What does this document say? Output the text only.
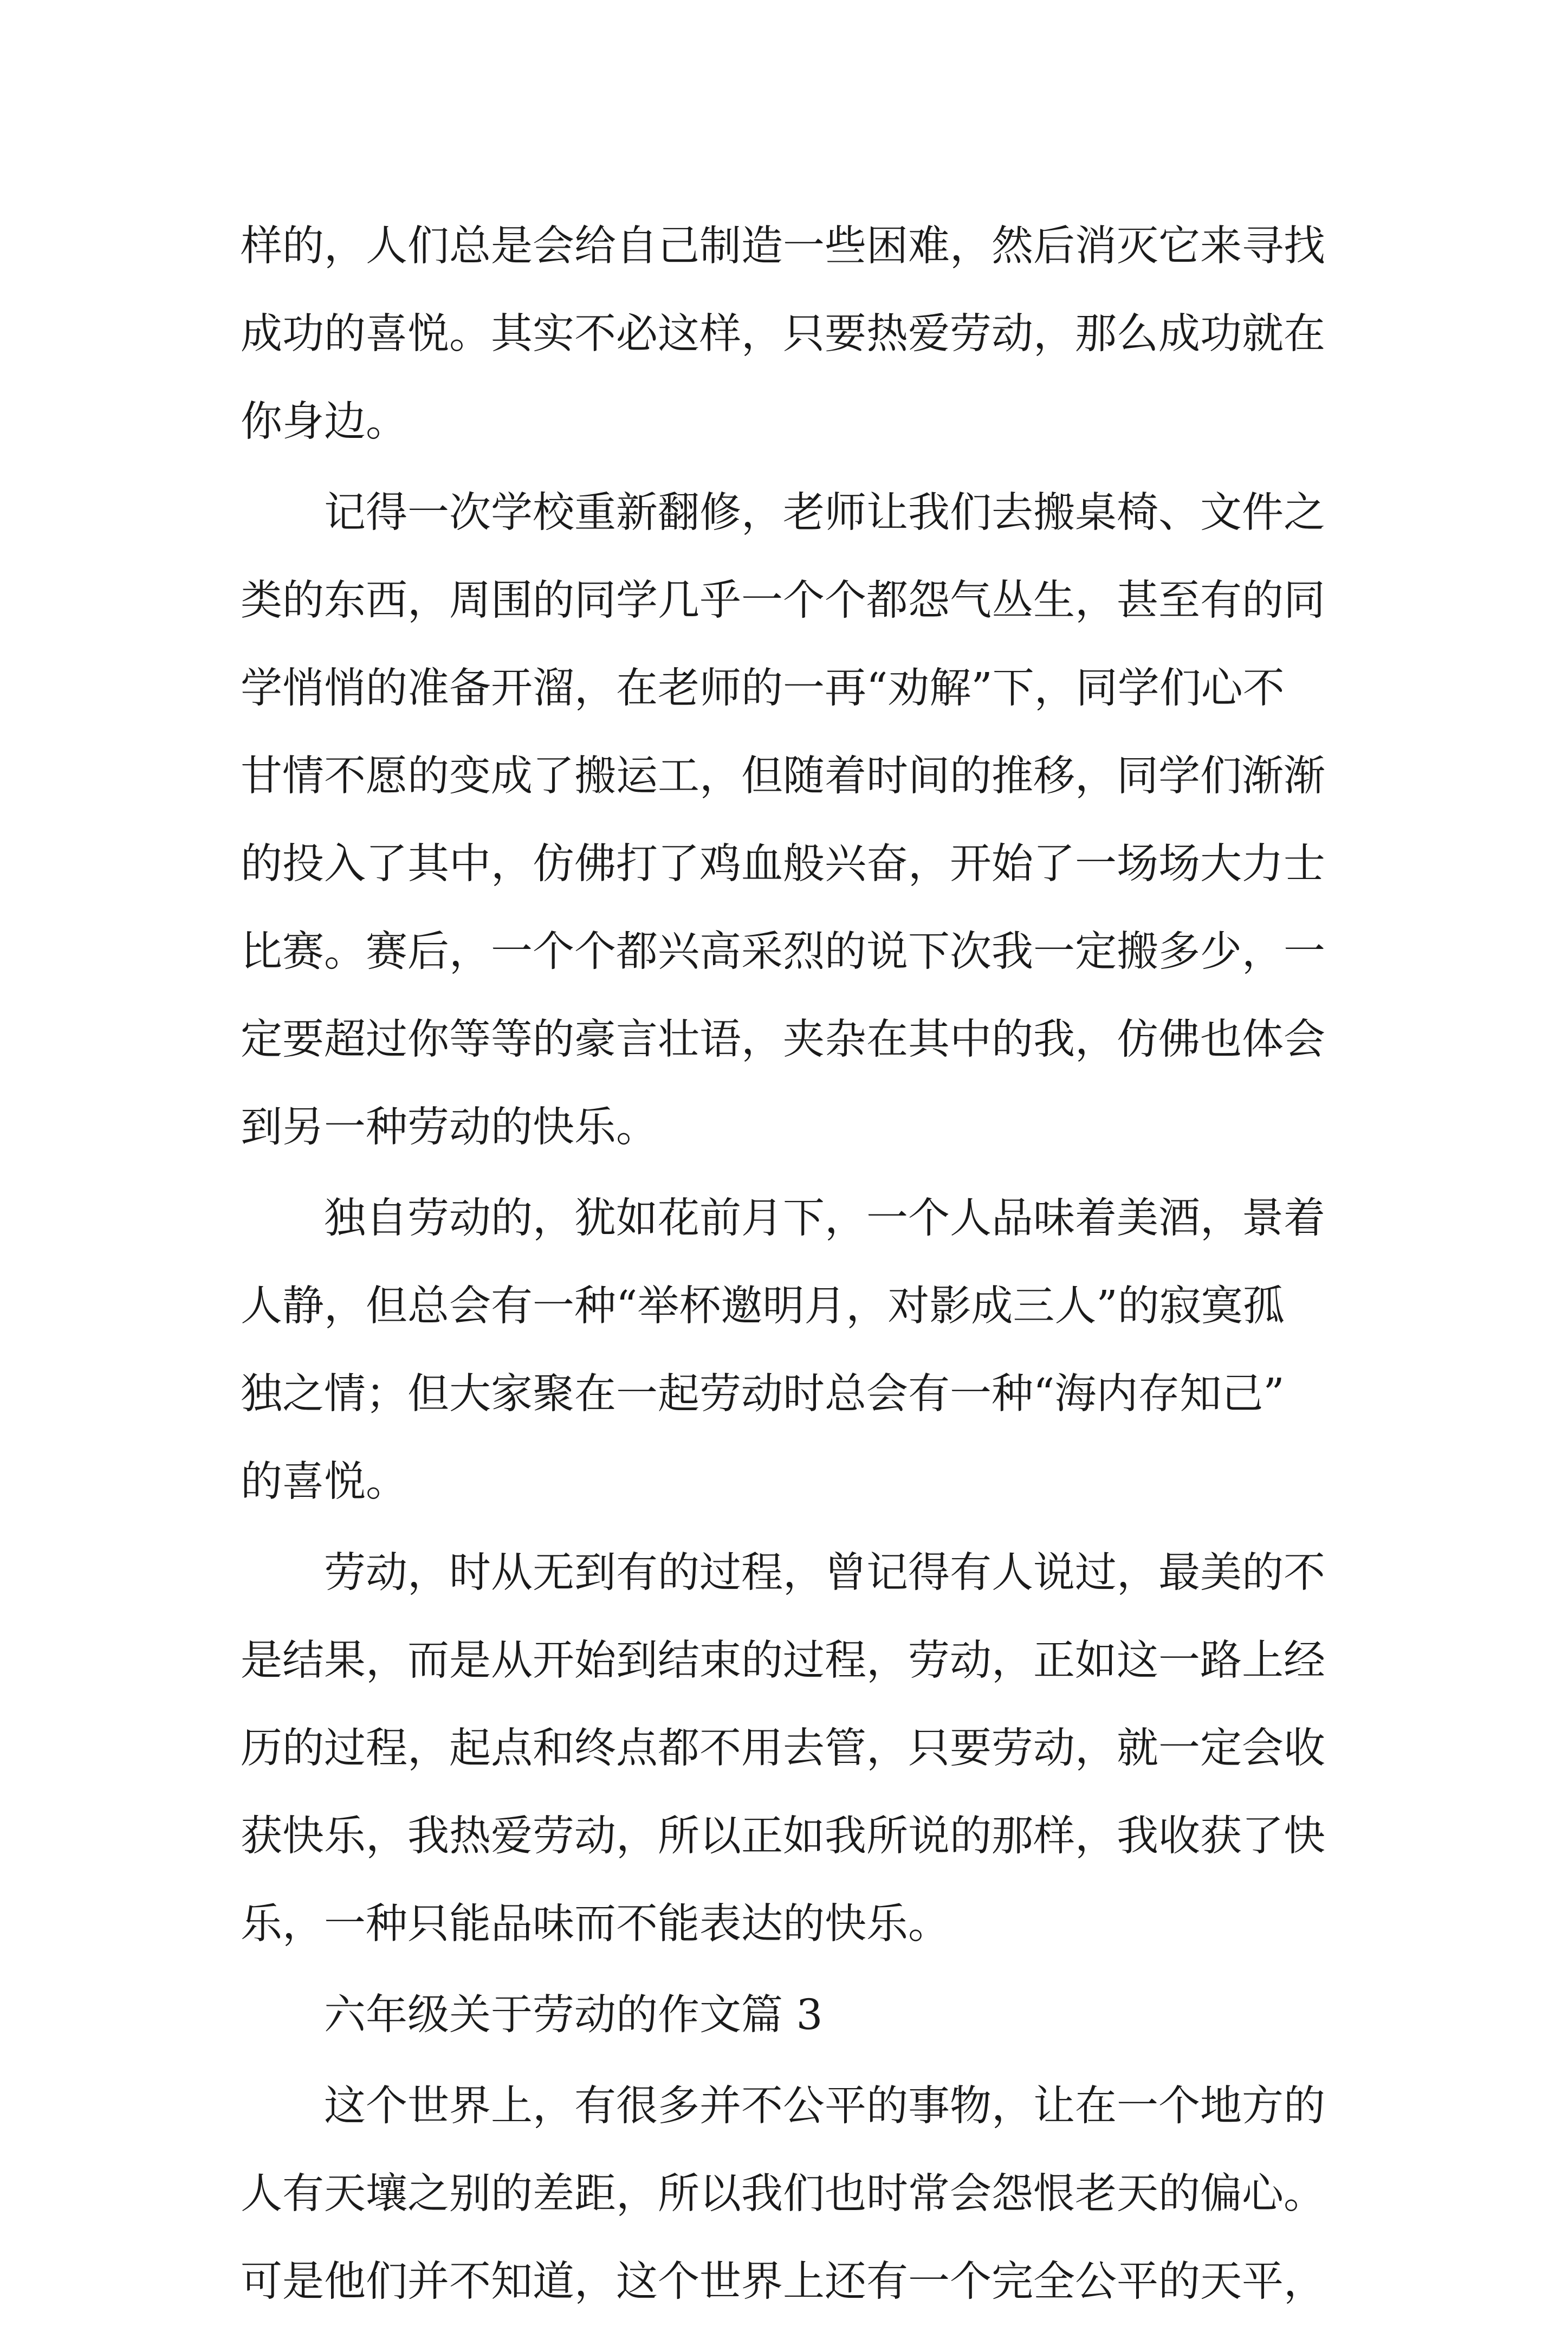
样的，人们总是会给自己制造一些困难，然后消灭它来寻找

成功的喜悦。其实不必这样，只要热爱劳动，那么成功就在

你身边。

记得一次学校重新翻修，老师让我们去搬桌椅、文件之

类的东西，周围的同学几乎一个个都怨气丛生，甚至有的同

学悄悄的准备开溜，在老师的一再“劝解”下，同学们心不

甘情不愿的变成了搬运工，但随着时间的推移，同学们渐渐

的投入了其中，仿佛打了鸡血般兴奋，开始了一场场大力士

比赛。赛后，一个个都兴高采烈的说下次我一定搬多少，一

定要超过你等等的豪言壮语，夹杂在其中的我，仿佛也体会

到另一种劳动的快乐。

独自劳动的，犹如花前月下，一个人品味着美酒，景着

人静，但总会有一种“举杯邀明月，对影成三人”的寂寞孤

独之情；但大家聚在一起劳动时总会有一种“海内存知己”

的喜悦。

劳动，时从无到有的过程，曾记得有人说过，最美的不

是结果，而是从开始到结束的过程，劳动，正如这一路上经

历的过程，起点和终点都不用去管，只要劳动，就一定会收

获快乐，我热爱劳动，所以正如我所说的那样，我收获了快

乐，一种只能品味而不能表达的快乐。

六年级关于劳动的作文篇 3

这个世界上，有很多并不公平的事物，让在一个地方的

人有天壤之别的差距，所以我们也时常会怨恨老天的偏心。

可是他们并不知道，这个世界上还有一个完全公平的天平，
